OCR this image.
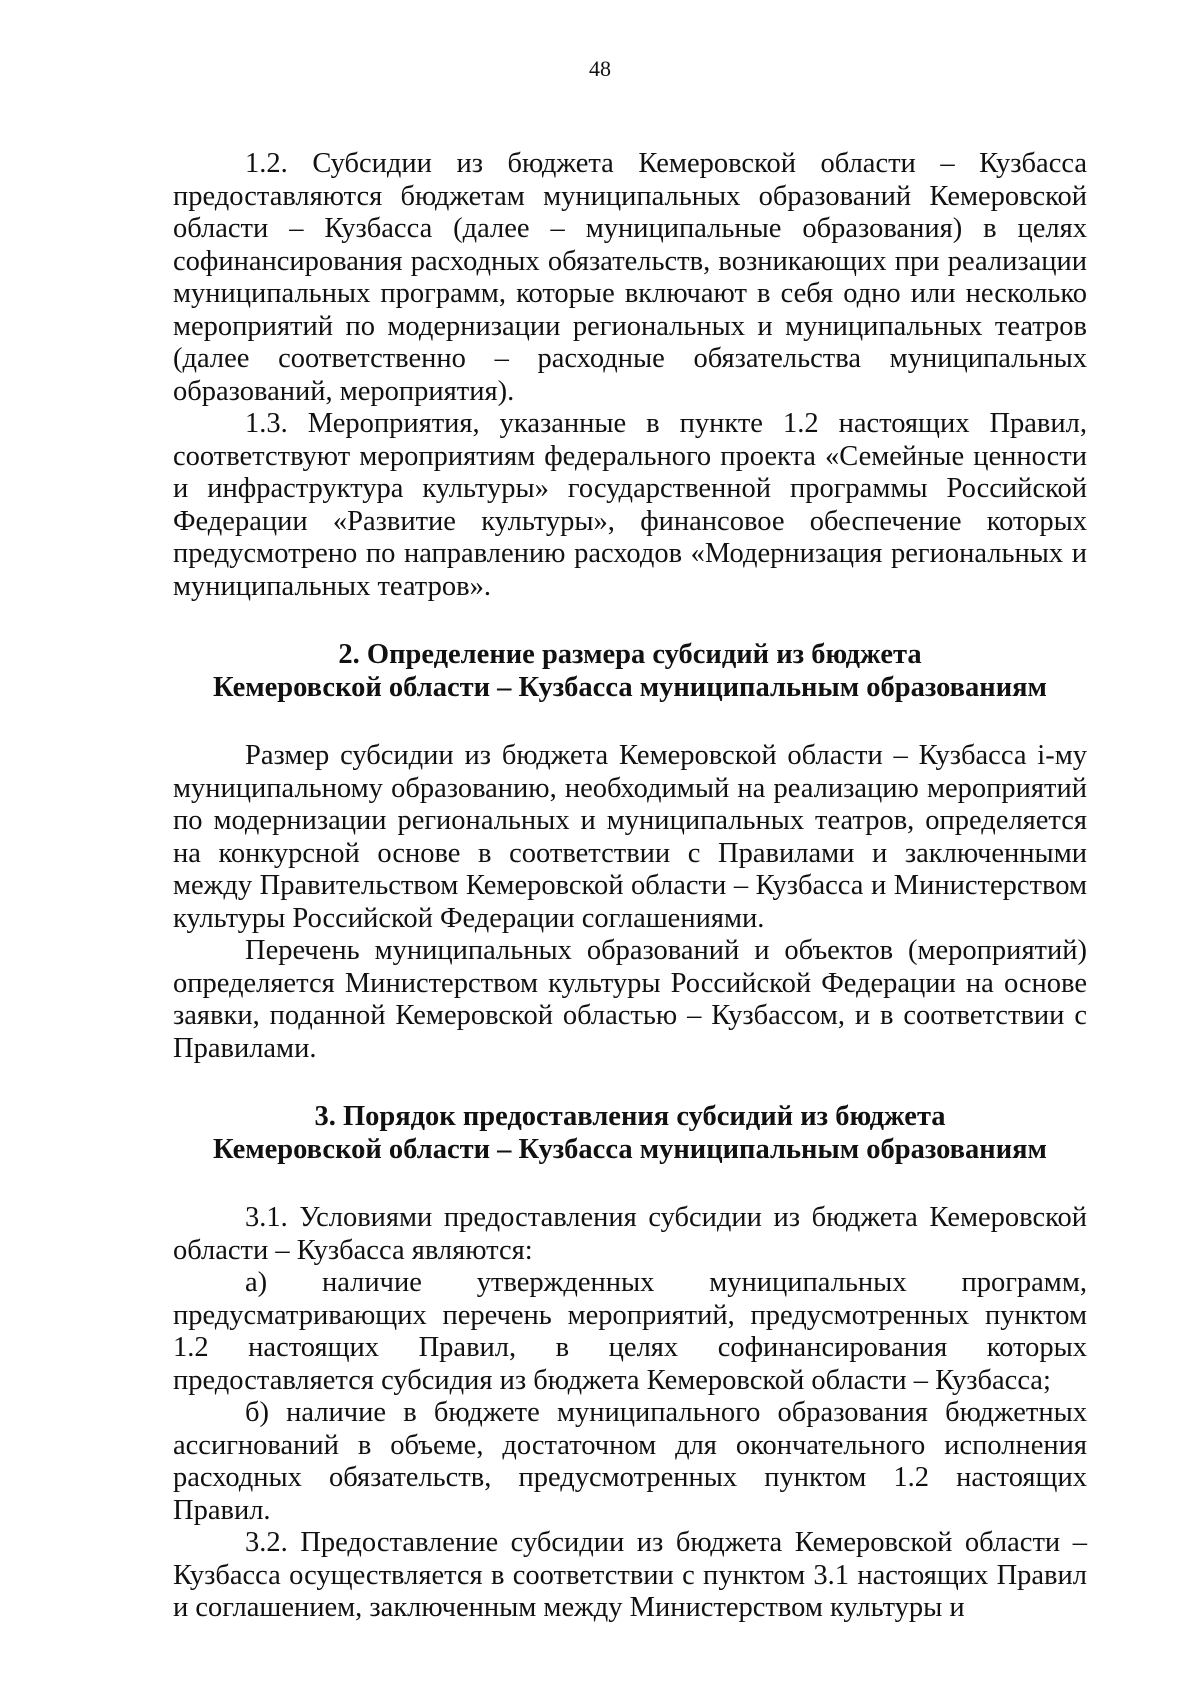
48

1.2. Субсидии из бюджета Кемеровской области – Кузбасса предоставляются бюджетам муниципальных образований Кемеровской области – Кузбасса (далее – муниципальные образования) в целях софинансирования расходных обязательств, возникающих при реализации муниципальных программ, которые включают в себя одно или несколько мероприятий по модернизации региональных и муниципальных театров (далее соответственно – расходные обязательства муниципальных образований, мероприятия).

1.3. Мероприятия, указанные в пункте 1.2 настоящих Правил, соответствуют мероприятиям федерального проекта «Семейные ценности и инфраструктура культуры» государственной программы Российской Федерации «Развитие культуры», финансовое обеспечение которых предусмотрено по направлению расходов «Модернизация региональных и муниципальных театров».

2. Определение размера субсидий из бюджета
Кемеровской области – Кузбасса муниципальным образованиям

Размер субсидии из бюджета Кемеровской области – Кузбасса i-му муниципальному образованию, необходимый на реализацию мероприятий по модернизации региональных и муниципальных театров, определяется на конкурсной основе в соответствии с Правилами и заключенными между Правительством Кемеровской области – Кузбасса и Министерством культуры Российской Федерации соглашениями.

Перечень муниципальных образований и объектов (мероприятий) определяется Министерством культуры Российской Федерации на основе заявки, поданной Кемеровской областью – Кузбассом, и в соответствии с Правилами.

3. Порядок предоставления субсидий из бюджета
Кемеровской области – Кузбасса муниципальным образованиям

3.1. Условиями предоставления субсидии из бюджета Кемеровской области – Кузбасса являются:

а) наличие утвержденных муниципальных программ, предусматривающих перечень мероприятий, предусмотренных пунктом 1.2 настоящих Правил, в целях софинансирования которых предоставляется субсидия из бюджета Кемеровской области – Кузбасса;

б) наличие в бюджете муниципального образования бюджетных ассигнований в объеме, достаточном для окончательного исполнения расходных обязательств, предусмотренных пунктом 1.2 настоящих Правил.

3.2. Предоставление субсидии из бюджета Кемеровской области – Кузбасса осуществляется в соответствии с пунктом 3.1 настоящих Правил и соглашением, заключенным между Министерством культуры и
